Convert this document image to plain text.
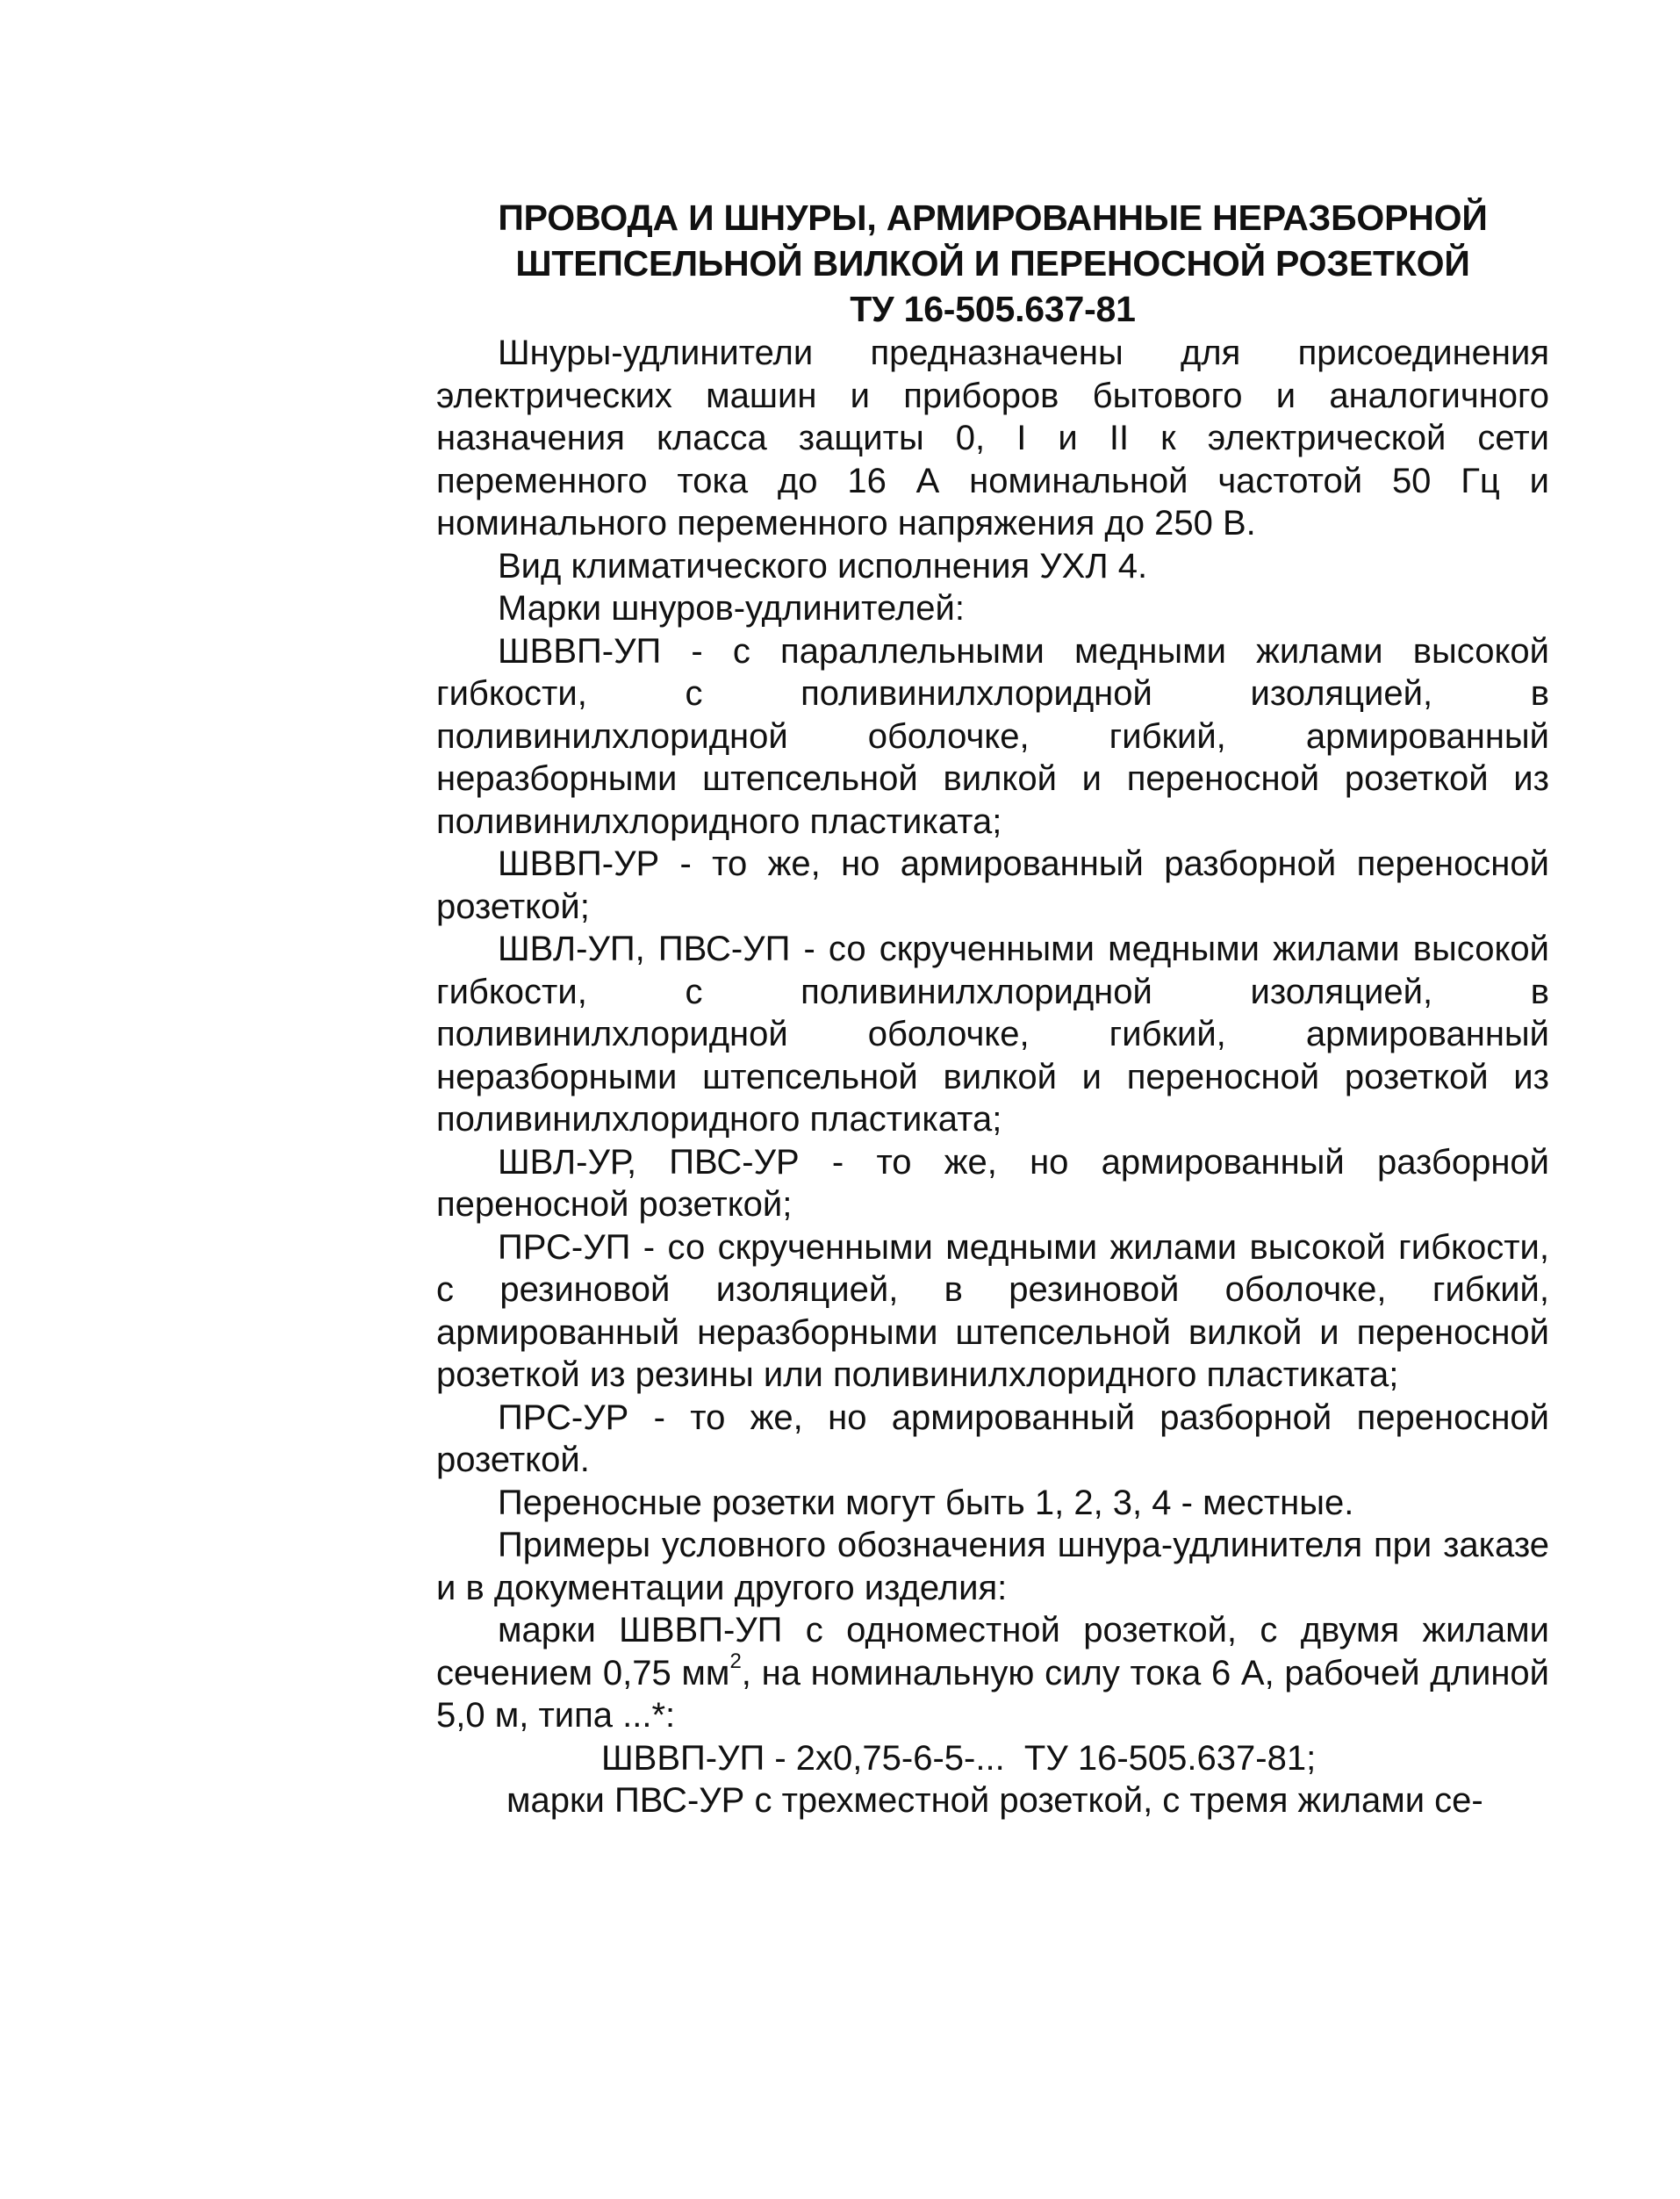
ПРОВОДА И ШНУРЫ, АРМИРОВАННЫЕ НЕРАЗБОРНОЙ
ШТЕПСЕЛЬНОЙ ВИЛКОЙ И ПЕРЕНОСНОЙ РОЗЕТКОЙ
ТУ 16-505.637-81

Шнуры-удлинители предназначены для присоединения электрических машин и приборов бытового и аналогичного назначения класса защиты 0, I и II к электрической сети переменного тока до 16 А номинальной частотой 50 Гц и номинального переменного напряжения до 250 В.

Вид климатического исполнения УХЛ 4.

Марки шнуров-удлинителей:

ШВВП-УП - с параллельными медными жилами высокой гибкости, с поливинилхлоридной изоляцией, в поливинилхлоридной оболочке, гибкий, армированный неразборными штепсельной вилкой и переносной розеткой из поливинилхлоридного пластиката;

ШВВП-УР - то же, но армированный разборной переносной розеткой;

ШВЛ-УП, ПВС-УП - со скрученными медными жилами высокой гибкости, с поливинилхлоридной изоляцией, в поливинилхлоридной оболочке, гибкий, армированный неразборными штепсельной вилкой и переносной розеткой из поливинилхлоридного пластиката;

ШВЛ-УР, ПВС-УР - то же, но армированный разборной переносной розеткой;

ПРС-УП - со скрученными медными жилами высокой гибкости, с резиновой изоляцией, в резиновой оболочке, гибкий, армированный неразборными штепсельной вилкой и переносной розеткой из резины или поливинилхлоридного пластиката;

ПРС-УР - то же, но армированный разборной переносной розеткой.

Переносные розетки могут быть 1, 2, 3, 4 - местные.

Примеры условного обозначения шнура-удлинителя при заказе и в документации другого изделия:

марки ШВВП-УП с одноместной розеткой, с двумя жилами сечением 0,75 $мм^2$, на номинальную силу тока 6 А, рабочей длиной 5,0 м, типа ...*:

ШВВП-УП - 2х0,75-6-5-...  ТУ 16-505.637-81;

марки ПВС-УР с трехместной розеткой, с тремя жилами се-
